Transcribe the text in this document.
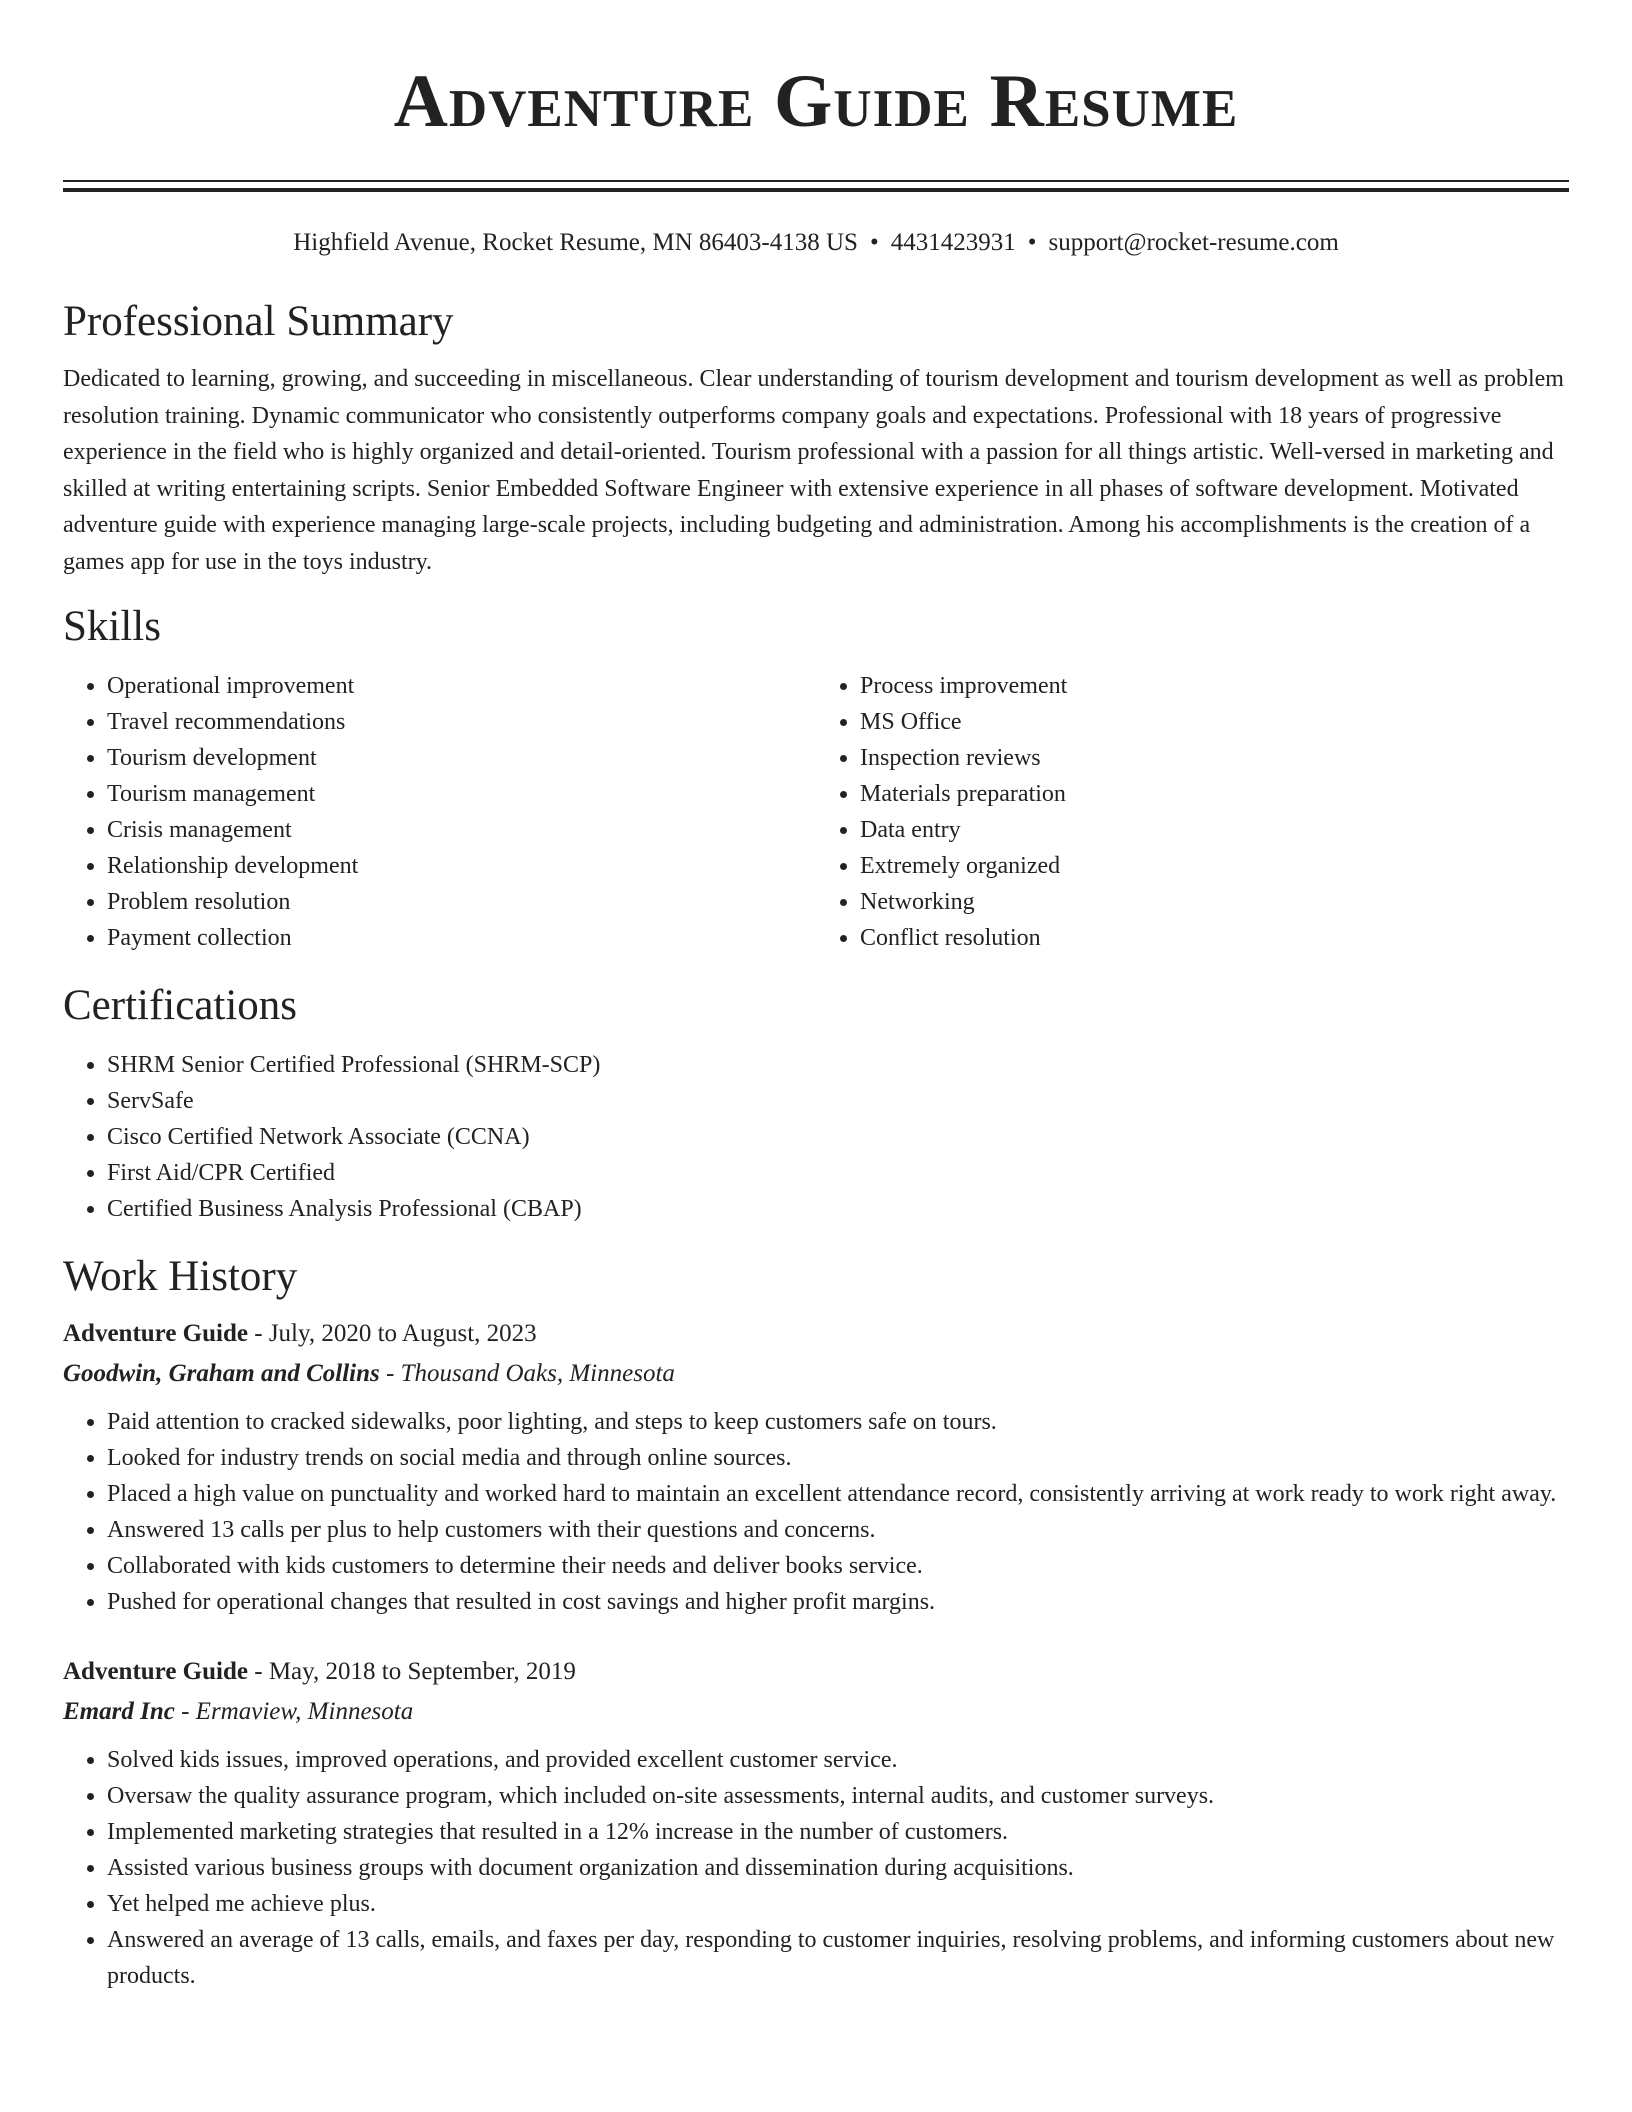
Adventure Guide Resume
Highfield Avenue, Rocket Resume, MN 86403-4138 US • 4431423931 • support@rocket-resume.com
Professional Summary

Dedicated to learning, growing, and succeeding in miscellaneous. Clear understanding of tourism development and tourism development as well as problem resolution training. Dynamic communicator who consistently outperforms company goals and expectations. Professional with 18 years of progressive experience in the field who is highly organized and detail-oriented. Tourism professional with a passion for all things artistic. Well-versed in marketing and skilled at writing entertaining scripts. Senior Embedded Software Engineer with extensive experience in all phases of software development. Motivated adventure guide with experience managing large-scale projects, including budgeting and administration. Among his accomplishments is the creation of a games app for use in the toys industry.

Skills
• Operational improvement
• Travel recommendations
• Tourism development
• Tourism management
• Crisis management
• Relationship development
• Problem resolution
• Payment collection
• Process improvement
• MS Office
• Inspection reviews
• Materials preparation
• Data entry
• Extremely organized
• Networking
• Conflict resolution
Certifications
• SHRM Senior Certified Professional (SHRM-SCP)
• ServSafe
• Cisco Certified Network Associate (CCNA)
• First Aid/CPR Certified
• Certified Business Analysis Professional (CBAP)
Work History

Adventure Guide - July, 2020 to August, 2023

Goodwin, Graham and Collins - Thousand Oaks, Minnesota

• Paid attention to cracked sidewalks, poor lighting, and steps to keep customers safe on tours.
• Looked for industry trends on social media and through online sources.
• Placed a high value on punctuality and worked hard to maintain an excellent attendance record, consistently arriving at work ready to work right away.
• Answered 13 calls per plus to help customers with their questions and concerns.
• Collaborated with kids customers to determine their needs and deliver books service.
• Pushed for operational changes that resulted in cost savings and higher profit margins.

Adventure Guide - May, 2018 to September, 2019

Emard Inc - Ermaview, Minnesota

• Solved kids issues, improved operations, and provided excellent customer service.
• Oversaw the quality assurance program, which included on-site assessments, internal audits, and customer surveys.
• Implemented marketing strategies that resulted in a 12% increase in the number of customers.
• Assisted various business groups with document organization and dissemination during acquisitions.
• Yet helped me achieve plus.
• Answered an average of 13 calls, emails, and faxes per day, responding to customer inquiries, resolving problems, and informing customers about new products.
